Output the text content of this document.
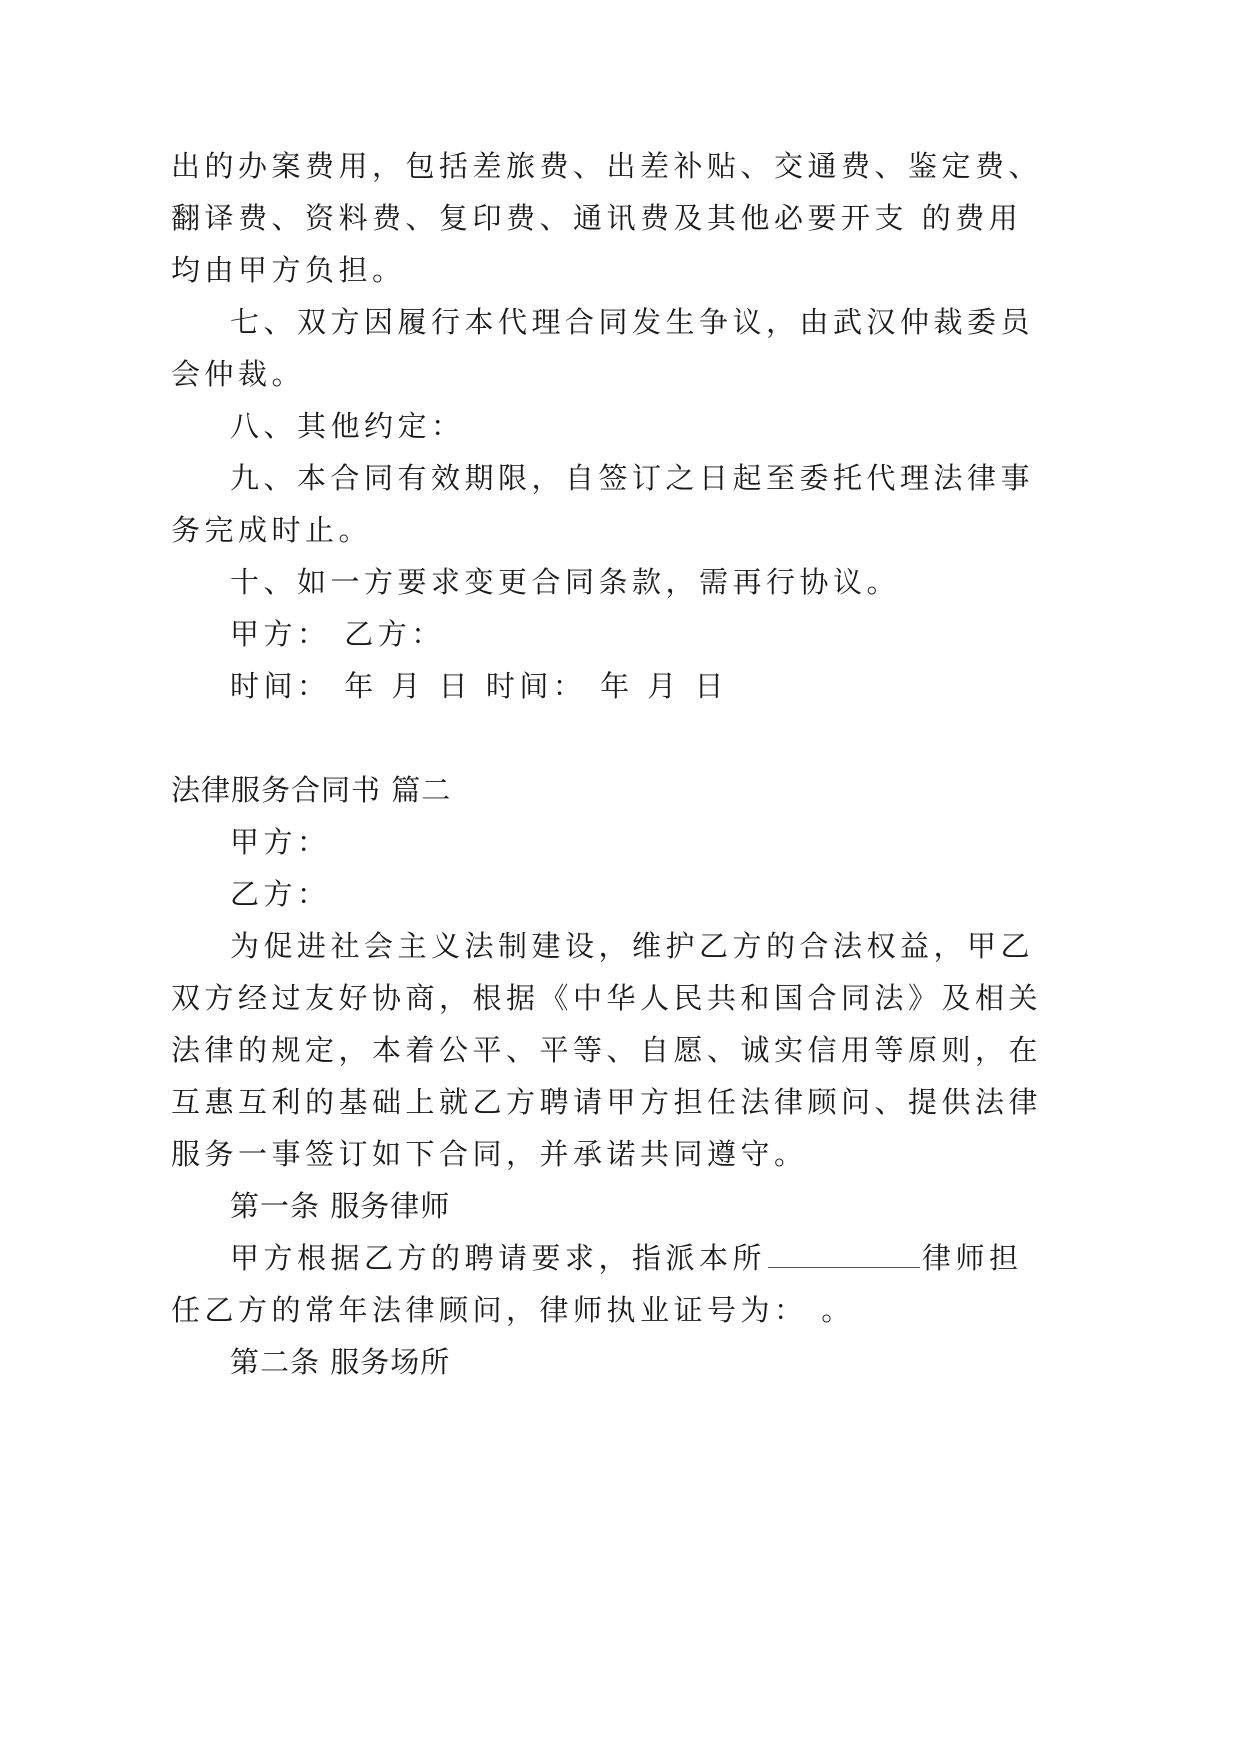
出的办案费用，包括差旅费、出差补贴、交通费、鉴定费、
翻译费、资料费、复印费、通讯费及其他必要开支 的费用
均由甲方负担。
七、双方因履行本代理合同发生争议，由武汉仲裁委员
会仲裁。
八、其他约定：
九、本合同有效期限，自签订之日起至委托代理法律事
务完成时止。
十、如一方要求变更合同条款，需再行协议。
甲方： 乙方：
时间： 年 月 日 时间： 年 月 日
法律服务合同书 篇二
甲方：
乙方：
为促进社会主义法制建设，维护乙方的合法权益，甲乙
双方经过友好协商，根据《中华人民共和国合同法》及相关
法律的规定，本着公平、平等、自愿、诚实信用等原则，在
互惠互利的基础上就乙方聘请甲方担任法律顾问、提供法律
服务一事签订如下合同，并承诺共同遵守。
第一条 服务律师
甲方根据乙方的聘请要求，指派本所	律师担
任乙方的常年法律顾问，律师执业证号为： 。
第二条 服务场所
